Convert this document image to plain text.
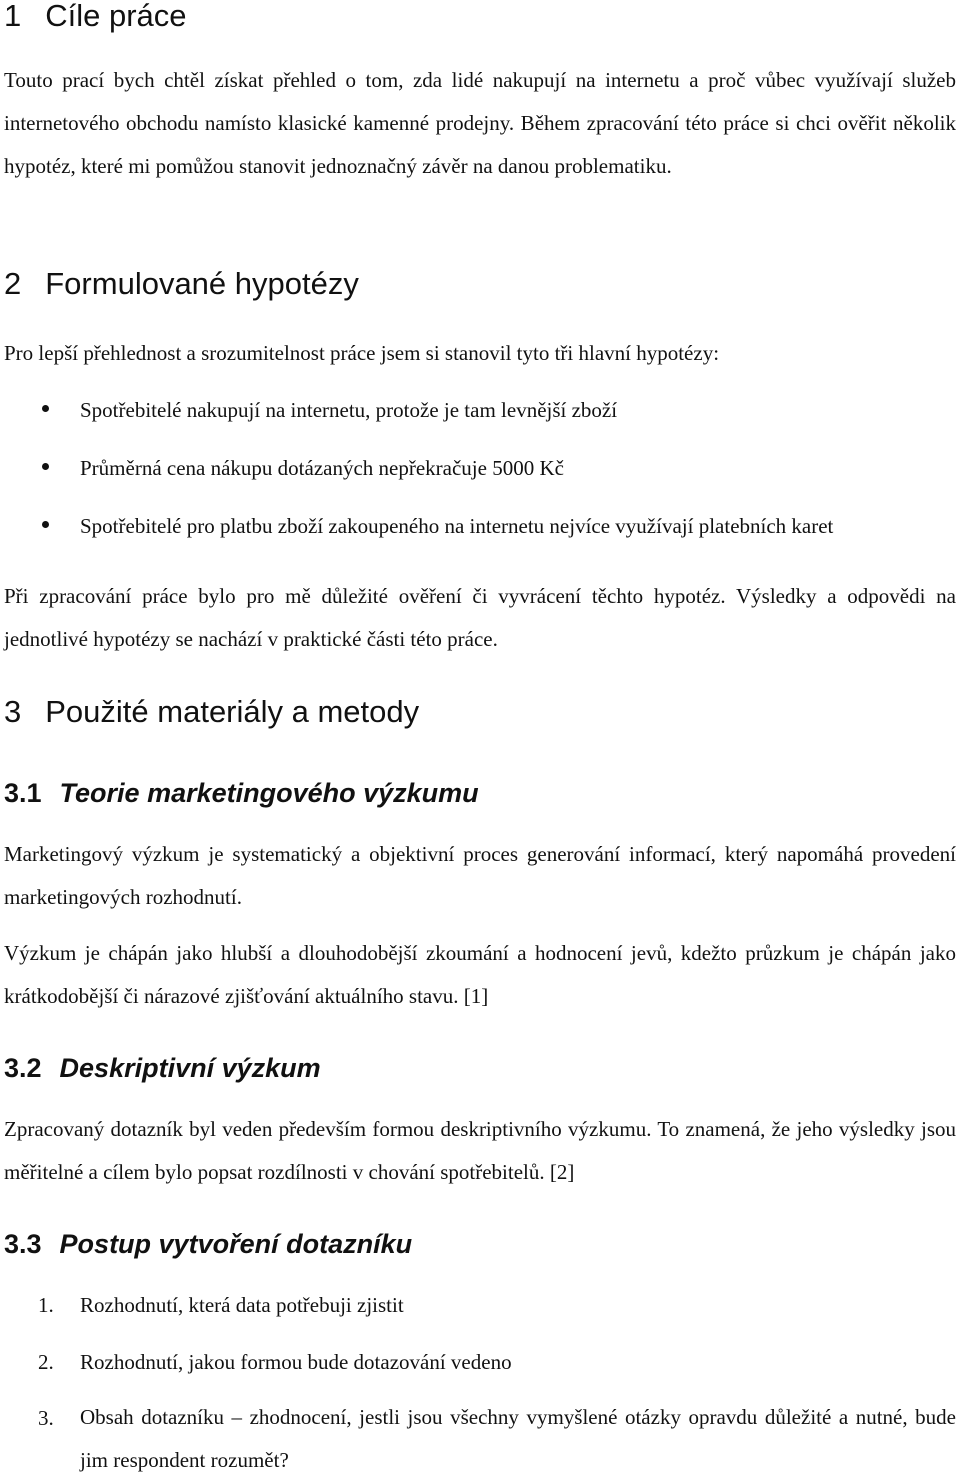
1 Cíle práce

Touto prací bych chtěl získat přehled o tom, zda lidé nakupují na internetu a proč vůbec využívají služeb internetového obchodu namísto klasické kamenné prodejny. Během zpracování této práce si chci ověřit několik hypotéz, které mi pomůžou stanovit jednoznačný závěr na danou problematiku.

2 Formulované hypotézy

Pro lepší přehlednost a srozumitelnost práce jsem si stanovil tyto tři hlavní hypotézy:

Spotřebitelé nakupují na internetu, protože je tam levnější zboží

Průměrná cena nákupu dotázaných nepřekračuje 5000 Kč

Spotřebitelé pro platbu zboží zakoupeného na internetu nejvíce využívají platebních karet

Při zpracování práce bylo pro mě důležité ověření či vyvrácení těchto hypotéz. Výsledky a odpovědi na jednotlivé hypotézy se nachází v praktické části této práce.

3 Použité materiály a metody
3.1 Teorie marketingového výzkumu

Marketingový výzkum je systematický a objektivní proces generování informací, který napomáhá provedení marketingových rozhodnutí.

Výzkum je chápán jako hlubší a dlouhodobější zkoumání a hodnocení jevů, kdežto průzkum je chápán jako krátkodobější či nárazové zjišťování aktuálního stavu. [1]

3.2 Deskriptivní výzkum

Zpracovaný dotazník byl veden především formou deskriptivního výzkumu. To znamená, že jeho výsledky jsou měřitelné a cílem bylo popsat rozdílnosti v chování spotřebitelů. [2]

3.3 Postup vytvoření dotazníku
1. Rozhodnutí, která data potřebuji zjistit

2. Rozhodnutí, jakou formou bude dotazování vedeno

3. Obsah dotazníku – zhodnocení, jestli jsou všechny vymyšlené otázky opravdu důležité a nutné, bude jim respondent rozumět?
